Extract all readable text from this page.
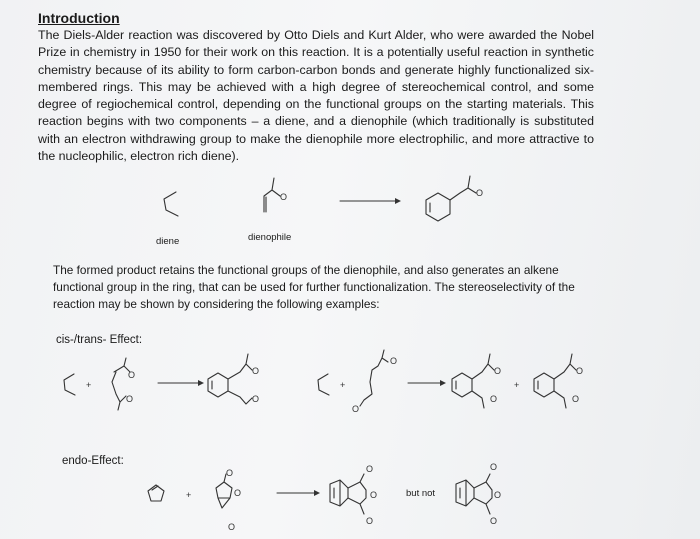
Introduction
The Diels-Alder reaction was discovered by Otto Diels and Kurt Alder, who were awarded the Nobel Prize in chemistry in 1950 for their work on this reaction. It is a potentially useful reaction in synthetic chemistry because of its ability to form carbon-carbon bonds and generate highly functionalized six-membered rings. This may be achieved with a high degree of stereochemical control, and some degree of regiochemical control, depending on the functional groups on the starting materials. This reaction begins with two components – a diene, and a dienophile (which traditionally is substituted with an electron withdrawing group to make the dienophile more electrophilic, and more attractive to the nucleophilic, electron rich diene).
diene	dienophile
The formed product retains the functional groups of the dienophile, and also generates an alkene functional group in the ring, that can be used for further functionalization. The stereoselectivity of the reaction may be shown by considering the following examples:
cis-/trans- Effect:
endo-Effect:
but not
O	O
+
O
O
O
O
+
O
O
O
O
+
O
O
+
O
O
O
O
O
O
O
O
O
